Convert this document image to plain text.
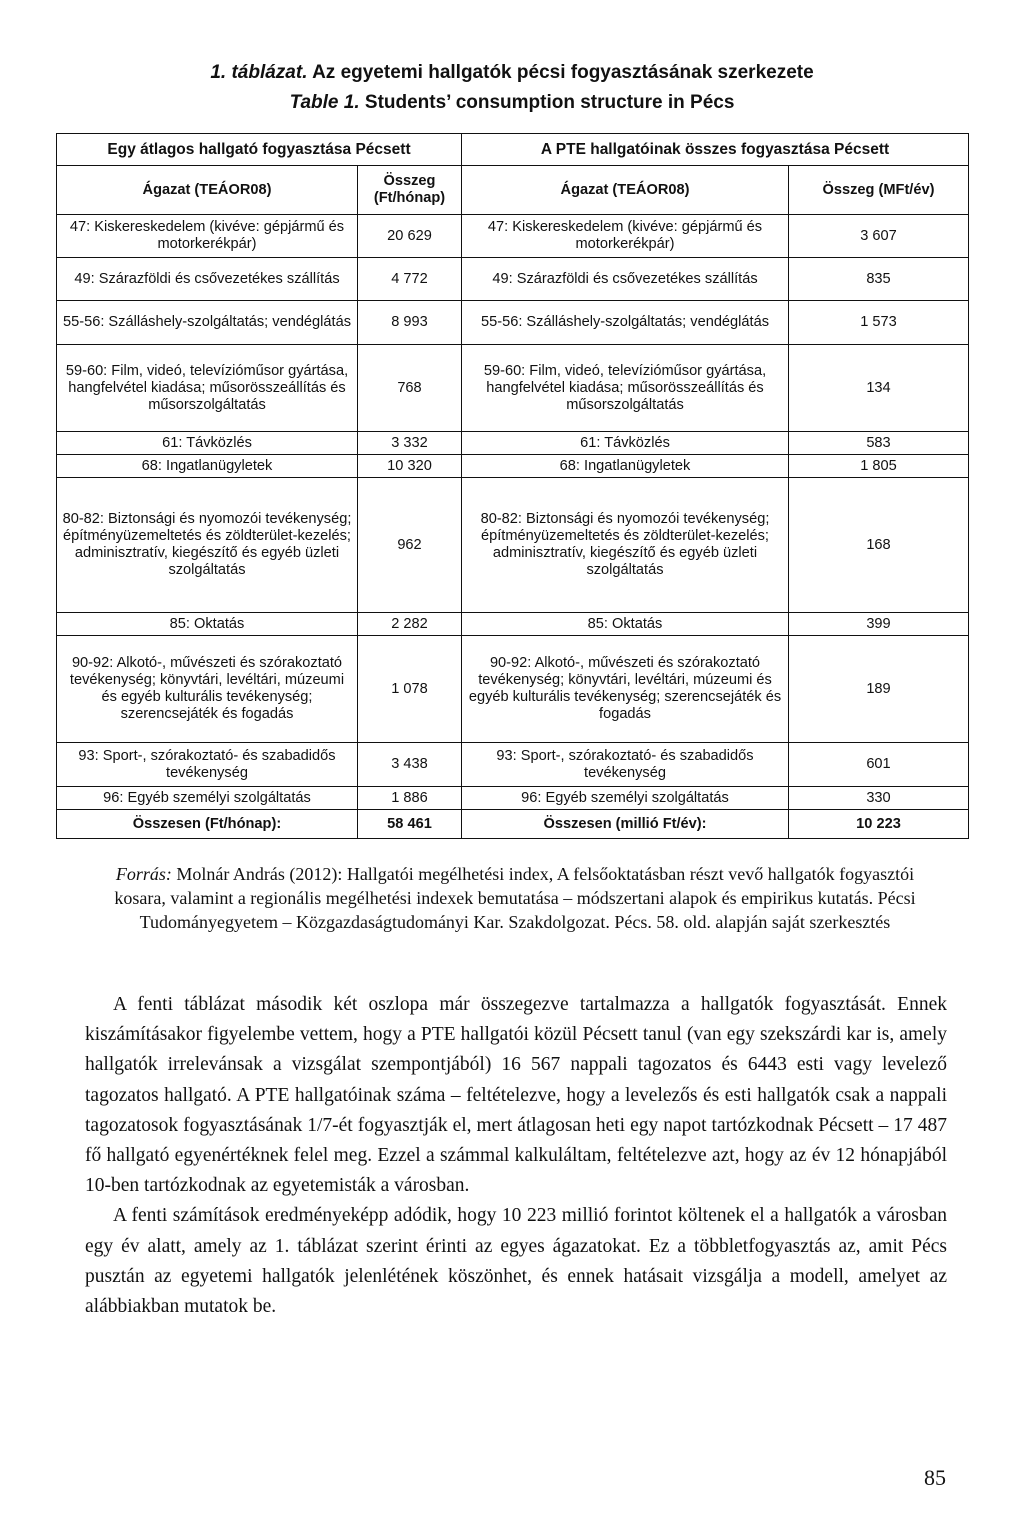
1. táblázat. Az egyetemi hallgatók pécsi fogyasztásának szerkezete
Table 1. Students’ consumption structure in Pécs
Egy átlagos hallgató fogyasztása Pécsett		A PTE hallgatóinak összes fogyasztása Pécsett	
Ágazat (TEÁOR08)	Összeg (Ft/hónap)	Ágazat (TEÁOR08)	Összeg (MFt/év)
47: Kiskereskedelem (kivéve: gépjármű és motorkerékpár)	20 629	47: Kiskereskedelem (kivéve: gépjármű és motorkerékpár)	3 607
49: Szárazföldi és csővezetékes szállítás	4 772	49: Szárazföldi és csővezetékes szállítás	835
55-56: Szálláshely-szolgáltatás; vendéglátás	8 993	55-56: Szálláshely-szolgáltatás; vendéglátás	1 573
59-60: Film, videó, televízióműsor gyártása, hangfelvétel kiadása; műsorösszeállítás és műsorszolgáltatás	768	59-60: Film, videó, televízióműsor gyártása, hangfelvétel kiadása; műsorösszeállítás és műsorszolgáltatás	134
61: Távközlés	3 332	61: Távközlés	583
68: Ingatlanügyletek	10 320	68: Ingatlanügyletek	1 805
80-82: Biztonsági és nyomozói tevékenység; építményüzemeltetés és zöldterület-kezelés; adminisztratív, kiegészítő és egyéb üzleti szolgáltatás	962	80-82: Biztonsági és nyomozói tevékenység; építményüzemeltetés és zöldterület-kezelés; adminisztratív, kiegészítő és egyéb üzleti szolgáltatás	168
85: Oktatás	2 282	85: Oktatás	399
90-92: Alkotó-, művészeti és szórakoztató tevékenység; könyvtári, levéltári, múzeumi és egyéb kulturális tevékenység; szerencsejáték és fogadás	1 078	90-92: Alkotó-, művészeti és szórakoztató tevékenység; könyvtári, levéltári, múzeumi és egyéb kulturális tevékenység; szerencsejáték és fogadás	189
93: Sport-, szórakoztató- és szabadidős tevékenység	3 438	93: Sport-, szórakoztató- és szabadidős tevékenység	601
96: Egyéb személyi szolgáltatás	1 886	96: Egyéb személyi szolgáltatás	330
Összesen (Ft/hónap):	58 461	Összesen (millió Ft/év):	10 223
Forrás: Molnár András (2012): Hallgatói megélhetési index, A felsőoktatásban részt vevő hallgatók fogyasztói kosara, valamint a regionális megélhetési indexek bemutatása – módszertani alapok és empirikus kutatás. Pécsi Tudományegyetem – Közgazdaságtudományi Kar. Szakdolgozat. Pécs. 58. old. alapján saját szerkesztés

A fenti táblázat második két oszlopa már összegezve tartalmazza a hallgatók fogyasztását. Ennek kiszámításakor figyelembe vettem, hogy a PTE hallgatói közül Pécsett tanul (van egy szekszárdi kar is, amely hallgatók irrelevánsak a vizsgálat szempontjából) 16 567 nappali tagozatos és 6443 esti vagy levelező tagozatos hallgató. A PTE hallgatóinak száma – feltételezve, hogy a levelezős és esti hallgatók csak a nappali tagozatosok fogyasztásának 1/7-ét fogyasztják el, mert átlagosan heti egy napot tartózkodnak Pécsett – 17 487 fő hallgató egyenértéknek felel meg. Ezzel a számmal kalkuláltam, feltételezve azt, hogy az év 12 hónapjából 10-ben tartózkodnak az egyetemisták a városban.

A fenti számítások eredményeképp adódik, hogy 10 223 millió forintot költenek el a hallgatók a városban egy év alatt, amely az 1. táblázat szerint érinti az egyes ágazatokat. Ez a többletfogyasztás az, amit Pécs pusztán az egyetemi hallgatók jelenlétének köszönhet, és ennek hatásait vizsgálja a modell, amelyet az alábbiakban mutatok be.

85
